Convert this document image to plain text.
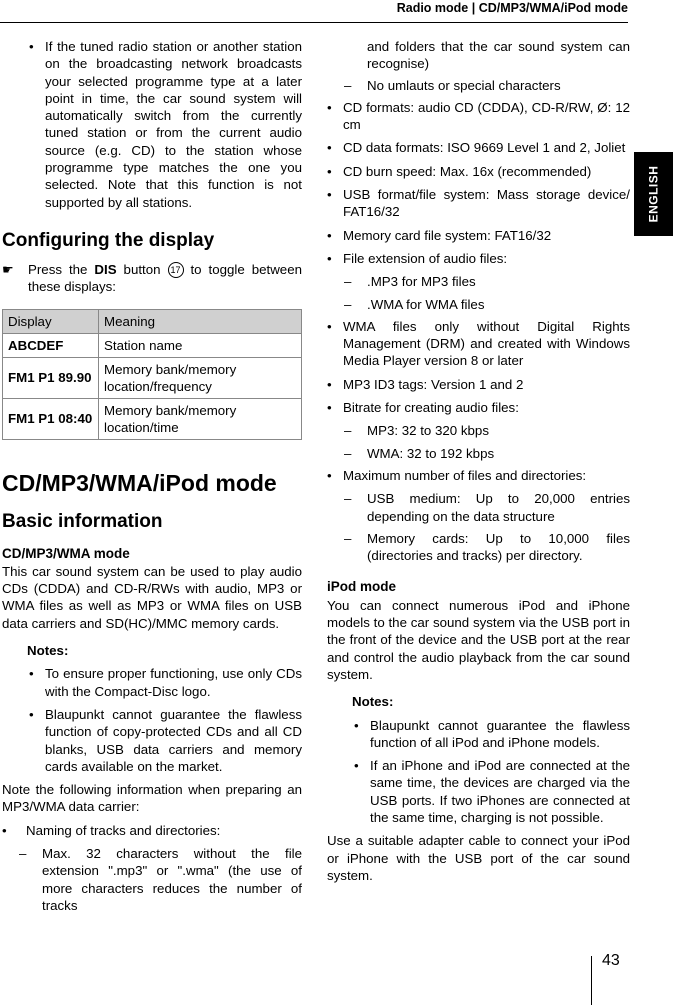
Radio mode | CD/MP3/WMA/iPod mode
ENGLISH
• If the tuned radio station or another station on the broadcasting network broadcasts your selected programme type at a later point in time, the car sound system will automatically switch from the currently tuned station or from the current audio source (e.g. CD) to the station whose programme type matches the one you selected. Note that this function is not supported by all stations.
Configuring the display
☛ Press the DIS button 17 to toggle between these displays:
Display	Meaning
ABCDEF	Station name
FM1 P1 89.90	Memory bank/memory location/frequency
FM1 P1 08:40	Memory bank/memory location/time
CD/MP3/WMA/iPod mode
Basic information
CD/MP3/WMA mode

This car sound system can be used to play audio CDs (CDDA) and CD-R/RWs with audio, MP3 or WMA files as well as MP3 or WMA files on USB data carriers and SD(HC)/MMC memory cards.

Notes:
• To ensure proper functioning, use only CDs with the Compact-Disc logo.
• Blaupunkt cannot guarantee the flawless function of copy-protected CDs and all CD blanks, USB data carriers and memory cards available on the market.

Note the following information when preparing an MP3/WMA data carrier:

• Naming of tracks and directories:
– Max. 32 characters without the file extension ".mp3" or ".wma" (the use of more characters reduces the number of tracks

and folders that the car sound system can recognise)

– No umlauts or special characters
• CD formats: audio CD (CDDA), CD-R/RW, Ø: 12 cm
• CD data formats: ISO 9669 Level 1 and 2, Joliet
• CD burn speed: Max. 16x (recommended)
• USB format/file system: Mass storage device/ FAT16/32
• Memory card file system: FAT16/32
• File extension of audio files:
– .MP3 for MP3 files
– .WMA for WMA files
• WMA files only without Digital Rights Management (DRM) and created with Windows Media Player version 8 or later
• MP3 ID3 tags: Version 1 and 2
• Bitrate for creating audio files:
– MP3: 32 to 320 kbps
– WMA: 32 to 192 kbps
• Maximum number of files and directories:
– USB medium: Up to 20,000 entries depending on the data structure
– Memory cards: Up to 10,000 files (directories and tracks) per directory.
iPod mode

You can connect numerous iPod and iPhone models to the car sound system via the USB port in the front of the device and the USB port at the rear and control the audio playback from the car sound system.

Notes:
• Blaupunkt cannot guarantee the flawless function of all iPod and iPhone models.
• If an iPhone and iPod are connected at the same time, the devices are charged via the USB ports. If two iPhones are connected at the same time, charging is not possible.

Use a suitable adapter cable to connect your iPod or iPhone with the USB port of the car sound system.

43
